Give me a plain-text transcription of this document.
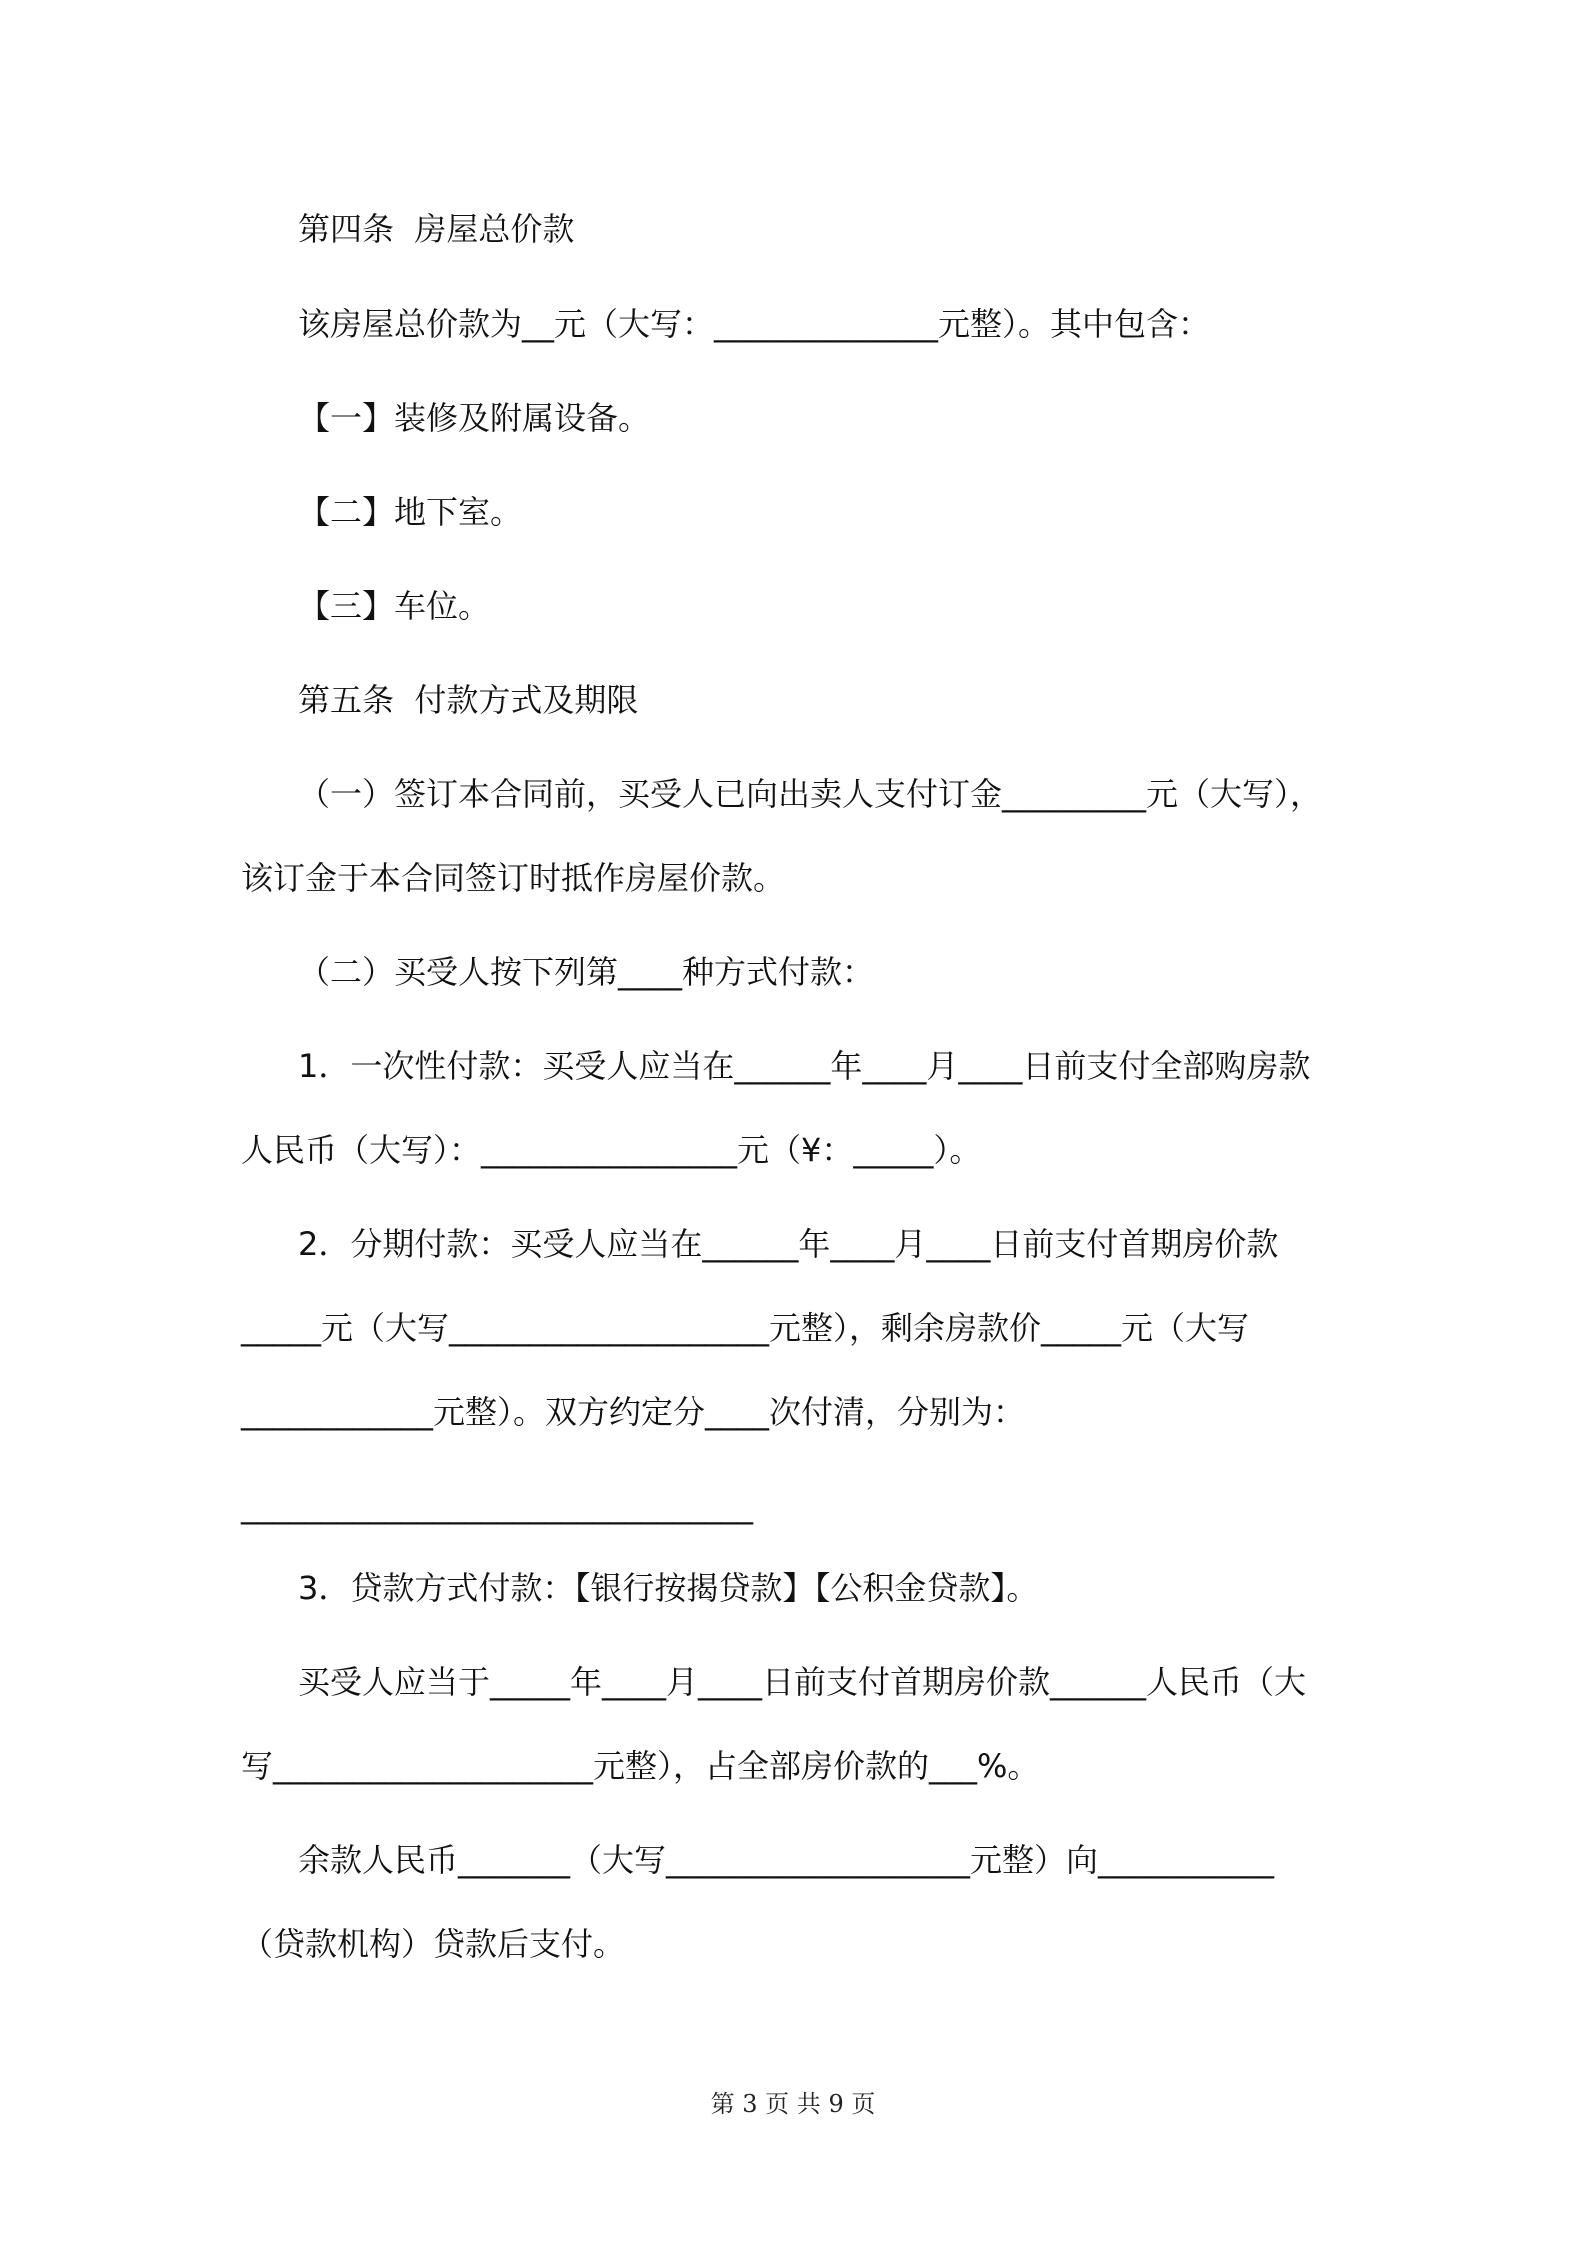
第四条  房屋总价款
该房屋总价款为__元（大写：______________元整）。其中包含：
【一】装修及附属设备。
【二】地下室。
【三】车位。
第五条  付款方式及期限
（一）签订本合同前，买受人已向出卖人支付订金_________元（大写），
该订金于本合同签订时抵作房屋价款。
（二）买受人按下列第____种方式付款：
1．一次性付款：买受人应当在______年____月____日前支付全部购房款
人民币（大写）：________________元（¥：_____）。
2．分期付款：买受人应当在______年____月____日前支付首期房价款
_____元（大写____________________元整），剩余房款价_____元（大写
____________元整）。双方约定分____次付清，分别为：
________________________________
3．贷款方式付款：【银行按揭贷款】【公积金贷款】。
买受人应当于_____年____月____日前支付首期房价款______人民币（大
写____________________元整），占全部房价款的___%。
余款人民币_______（大写___________________元整）向___________
（贷款机构）贷款后支付。
第 3 页 共 9 页
